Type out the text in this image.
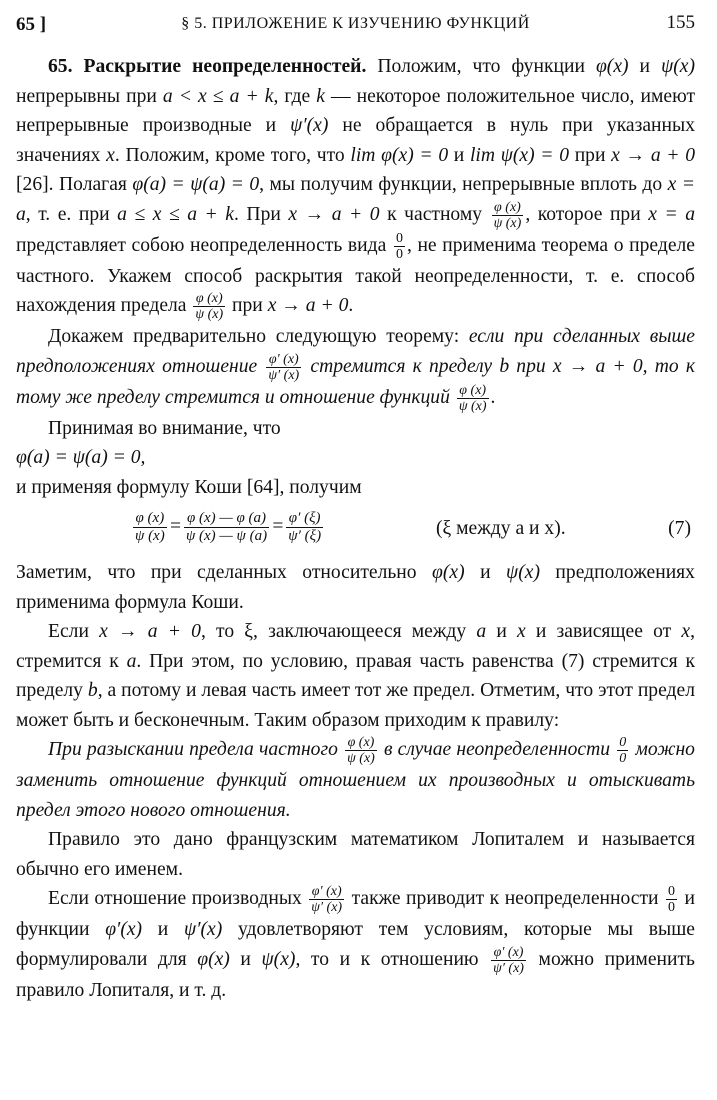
65 ]	§ 5. ПРИЛОЖЕНИЕ К ИЗУЧЕНИЮ ФУНКЦИЙ	155

65. Раскрытие неопределенностей. Положим, что функции φ(x) и ψ(x) непрерывны при a < x ≤ a + k, где k — некоторое положительное число, имеют непрерывные производные и ψ′(x) не обращается в нуль при указанных значениях x. Положим, кроме того, что lim φ(x) = 0 и lim ψ(x) = 0 при x → a + 0 [26]. Полагая φ(a) = ψ(a) = 0, мы получим функции, непрерывные вплоть до x = a, т. е. при a ≤ x ≤ a + k. При x → a + 0 к частному $\frac{\varphi (x)}{\psi (x)}$ , которое при x = a представляет собою неопределенность вида $\frac{0}{0}$ , не применима теорема о пределе частного. Укажем способ раскрытия такой неопределенности, т. е. способ нахождения предела $\frac{\varphi (x)}{\psi (x)}$ при x → a + 0.

Докажем предварительно следующую теорему: если при сделанных выше предположениях отношение $\frac{\varphi' (x)}{\psi' (x)}$ стремится к пределу b при x → a + 0, то к тому же пределу стремится и отношение функций $\frac{\varphi (x)}{\psi (x)}$ .

Принимая во внимание, что

φ(a) = ψ(a) = 0,

и применяя формулу Коши [64], получим

$\frac{\varphi (x)}{\psi (x)} = \frac{\varphi (x) — \varphi (a)}{\psi (x) — \psi (a)} = \frac{\varphi' (\xi)}{\psi' (\xi)}$	(ξ между a и x).	(7)

Заметим, что при сделанных относительно φ(x) и ψ(x) предположениях применима формула Коши.

Если x → a + 0, то ξ, заключающееся между a и x и зависящее от x, стремится к a. При этом, по условию, правая часть равенства (7) стремится к пределу b, а потому и левая часть имеет тот же предел. Отметим, что этот предел может быть и бесконечным. Таким образом приходим к правилу:

При разыскании предела частного $\frac{\varphi (x)}{\psi (x)}$ в случае неопределенности $\frac{0}{0}$ можно заменить отношение функций отношением их производных и отыскивать предел этого нового отношения.

Правило это дано французским математиком Лопиталем и называется обычно его именем.

Если отношение производных $\frac{\varphi' (x)}{\psi' (x)}$ также приводит к неопределенности $\frac{0}{0}$ и функции φ′(x) и ψ′(x) удовлетворяют тем условиям, которые мы выше формулировали для φ(x) и ψ(x), то и к отношению $\frac{\varphi' (x)}{\psi' (x)}$ можно применить правило Лопиталя, и т. д.
